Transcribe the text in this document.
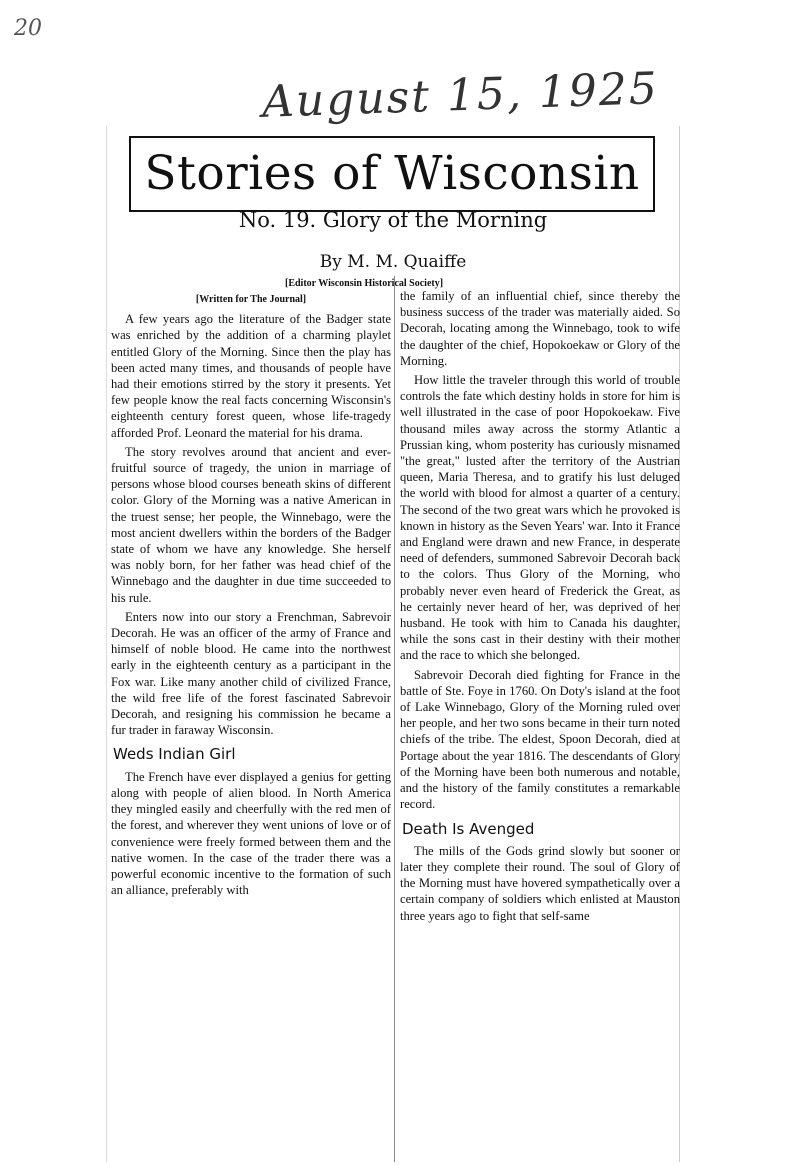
20
August 15, 1925
Stories of Wisconsin
No. 19. Glory of the Morning
By M. M. Quaiffe
[Editor Wisconsin Historical Society]

[Written for The Journal]

A few years ago the literature of the Badger state was enriched by the addition of a charming playlet entitled Glory of the Morning. Since then the play has been acted many times, and thousands of people have had their emotions stirred by the story it presents. Yet few people know the real facts concerning Wisconsin's eighteenth century forest queen, whose life-tragedy afforded Prof. Leonard the material for his drama.

The story revolves around that ancient and ever-fruitful source of tragedy, the union in marriage of persons whose blood courses beneath skins of different color. Glory of the Morning was a native American in the truest sense; her people, the Winnebago, were the most ancient dwellers within the borders of the Badger state of whom we have any knowledge. She herself was nobly born, for her father was head chief of the Winnebago and the daughter in due time succeeded to his rule.

Enters now into our story a Frenchman, Sabrevoir Decorah. He was an officer of the army of France and himself of noble blood. He came into the northwest early in the eighteenth century as a participant in the Fox war. Like many another child of civilized France, the wild free life of the forest fascinated Sabrevoir Decorah, and resigning his commission he became a fur trader in faraway Wisconsin.

Weds Indian Girl

The French have ever displayed a genius for getting along with people of alien blood. In North America they mingled easily and cheerfully with the red men of the forest, and wherever they went unions of love or of convenience were freely formed between them and the native women. In the case of the trader there was a powerful economic incentive to the formation of such an alliance, preferably with

the family of an influential chief, since thereby the business success of the trader was materially aided. So Decorah, locating among the Winnebago, took to wife the daughter of the chief, Hopokoekaw or Glory of the Morning.

How little the traveler through this world of trouble controls the fate which destiny holds in store for him is well illustrated in the case of poor Hopokoekaw. Five thousand miles away across the stormy Atlantic a Prussian king, whom posterity has curiously misnamed "the great," lusted after the territory of the Austrian queen, Maria Theresa, and to gratify his lust deluged the world with blood for almost a quarter of a century. The second of the two great wars which he provoked is known in history as the Seven Years' war. Into it France and England were drawn and new France, in desperate need of defenders, summoned Sabrevoir Decorah back to the colors. Thus Glory of the Morning, who probably never even heard of Frederick the Great, as he certainly never heard of her, was deprived of her husband. He took with him to Canada his daughter, while the sons cast in their destiny with their mother and the race to which she belonged.

Sabrevoir Decorah died fighting for France in the battle of Ste. Foye in 1760. On Doty's island at the foot of Lake Winnebago, Glory of the Morning ruled over her people, and her two sons became in their turn noted chiefs of the tribe. The eldest, Spoon Decorah, died at Portage about the year 1816. The descendants of Glory of the Morning have been both numerous and notable, and the history of the family constitutes a remarkable record.

Death Is Avenged

The mills of the Gods grind slowly but sooner or later they complete their round. The soul of Glory of the Morning must have hovered sympathetically over a certain company of soldiers which enlisted at Mauston three years ago to fight that self-same
